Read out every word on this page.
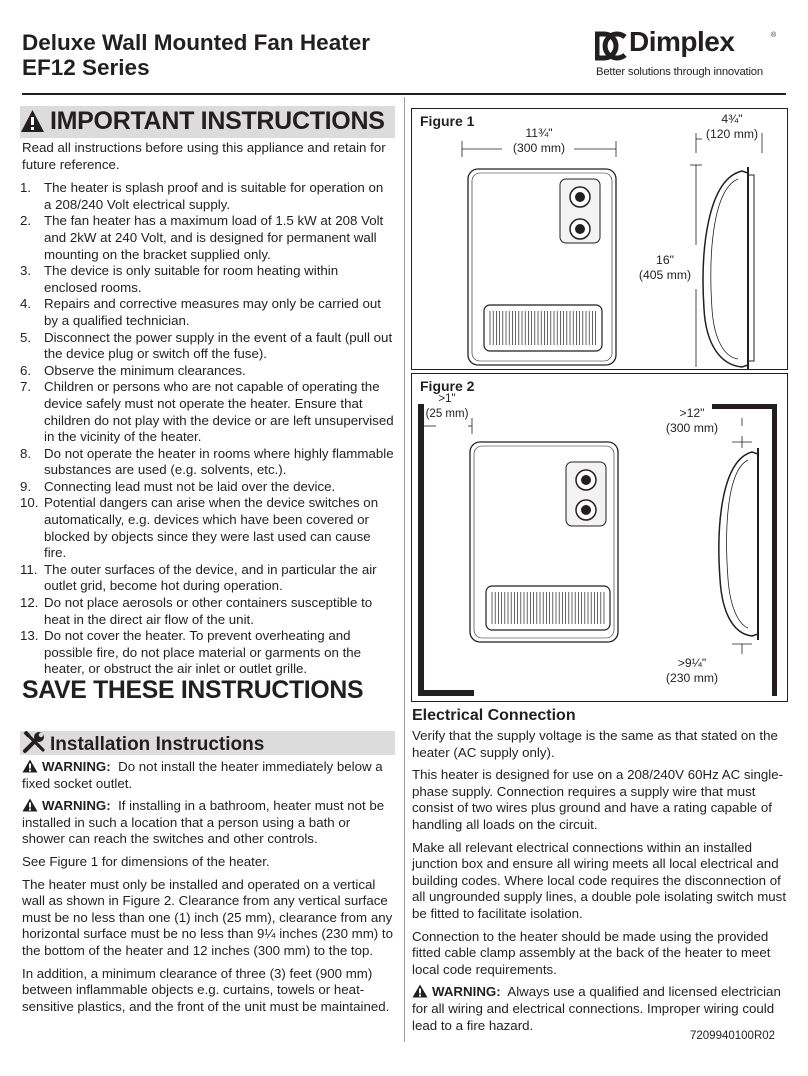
Deluxe Wall Mounted Fan Heater
EF12 Series
Dimplex	®
Better solutions through innovation
IMPORTANT INSTRUCTIONS

Read all instructions before using this appliance and retain for future reference.

1. The heater is splash proof and is suitable for operation on a 208/240 Volt electrical supply.
2. The fan heater has a maximum load of 1.5 kW at 208 Volt and 2kW at 240 Volt, and is designed for permanent wall mounting on the bracket supplied only.
3. The device is only suitable for room heating within enclosed rooms.
4. Repairs and corrective measures may only be carried out by a qualified technician.
5. Disconnect the power supply in the event of a fault (pull out the device plug or switch off the fuse).
6. Observe the minimum clearances.
7. Children or persons who are not capable of operating the device safely must not operate the heater. Ensure that children do not play with the device or are left unsupervised in the vicinity of the heater.
8. Do not operate the heater in rooms where highly flammable substances are used (e.g. solvents, etc.).
9. Connecting lead must not be laid over the device.
10. Potential dangers can arise when the device switches on automatically, e.g. devices which have been covered or blocked by objects since they were last used can cause fire.
11. The outer surfaces of the device, and in particular the air outlet grid, become hot during operation.
12. Do not place aerosols or other containers susceptible to heat in the direct air flow of the unit.
13. Do not cover the heater. To prevent overheating and possible fire, do not place material or garments on the heater, or obstruct the air inlet or outlet grille.
SAVE THESE INSTRUCTIONS
Installation Instructions

WARNING: Do not install the heater immediately below a fixed socket outlet.

WARNING: If installing in a bathroom, heater must not be installed in such a location that a person using a bath or shower can reach the switches and other controls.

See Figure 1 for dimensions of the heater.

The heater must only be installed and operated on a vertical wall as shown in Figure 2. Clearance from any vertical surface must be no less than one (1) inch (25 mm), clearance from any horizontal surface must be no less than 9¼ inches (230 mm) to the bottom of the heater and 12 inches (300 mm) to the top.

In addition, a minimum clearance of three (3) feet (900 mm) between inflammable objects e.g. curtains, towels or heat-sensitive plastics, and the front of the unit must be maintained.

Figure 1
11¾"
(300 mm)
4¾"
(120 mm)
16"
(405 mm)
Figure 2
>1"
(25 mm)	>12"
(300 mm)
>9¼"
(230 mm)
Electrical Connection

Verify that the supply voltage is the same as that stated on the heater (AC supply only).

This heater is designed for use on a 208/240V 60Hz AC single-phase supply. Connection requires a supply wire that must consist of two wires plus ground and have a rating capable of handling all loads on the circuit.

Make all relevant electrical connections within an installed junction box and ensure all wiring meets all local electrical and building codes. Where local code requires the disconnection of all ungrounded supply lines, a double pole isolating switch must be fitted to facilitate isolation.

Connection to the heater should be made using the provided fitted cable clamp assembly at the back of the heater to meet local code requirements.

WARNING: Always use a qualified and licensed electrician for all wiring and electrical connections. Improper wiring could lead to a fire hazard.

7209940100R02
